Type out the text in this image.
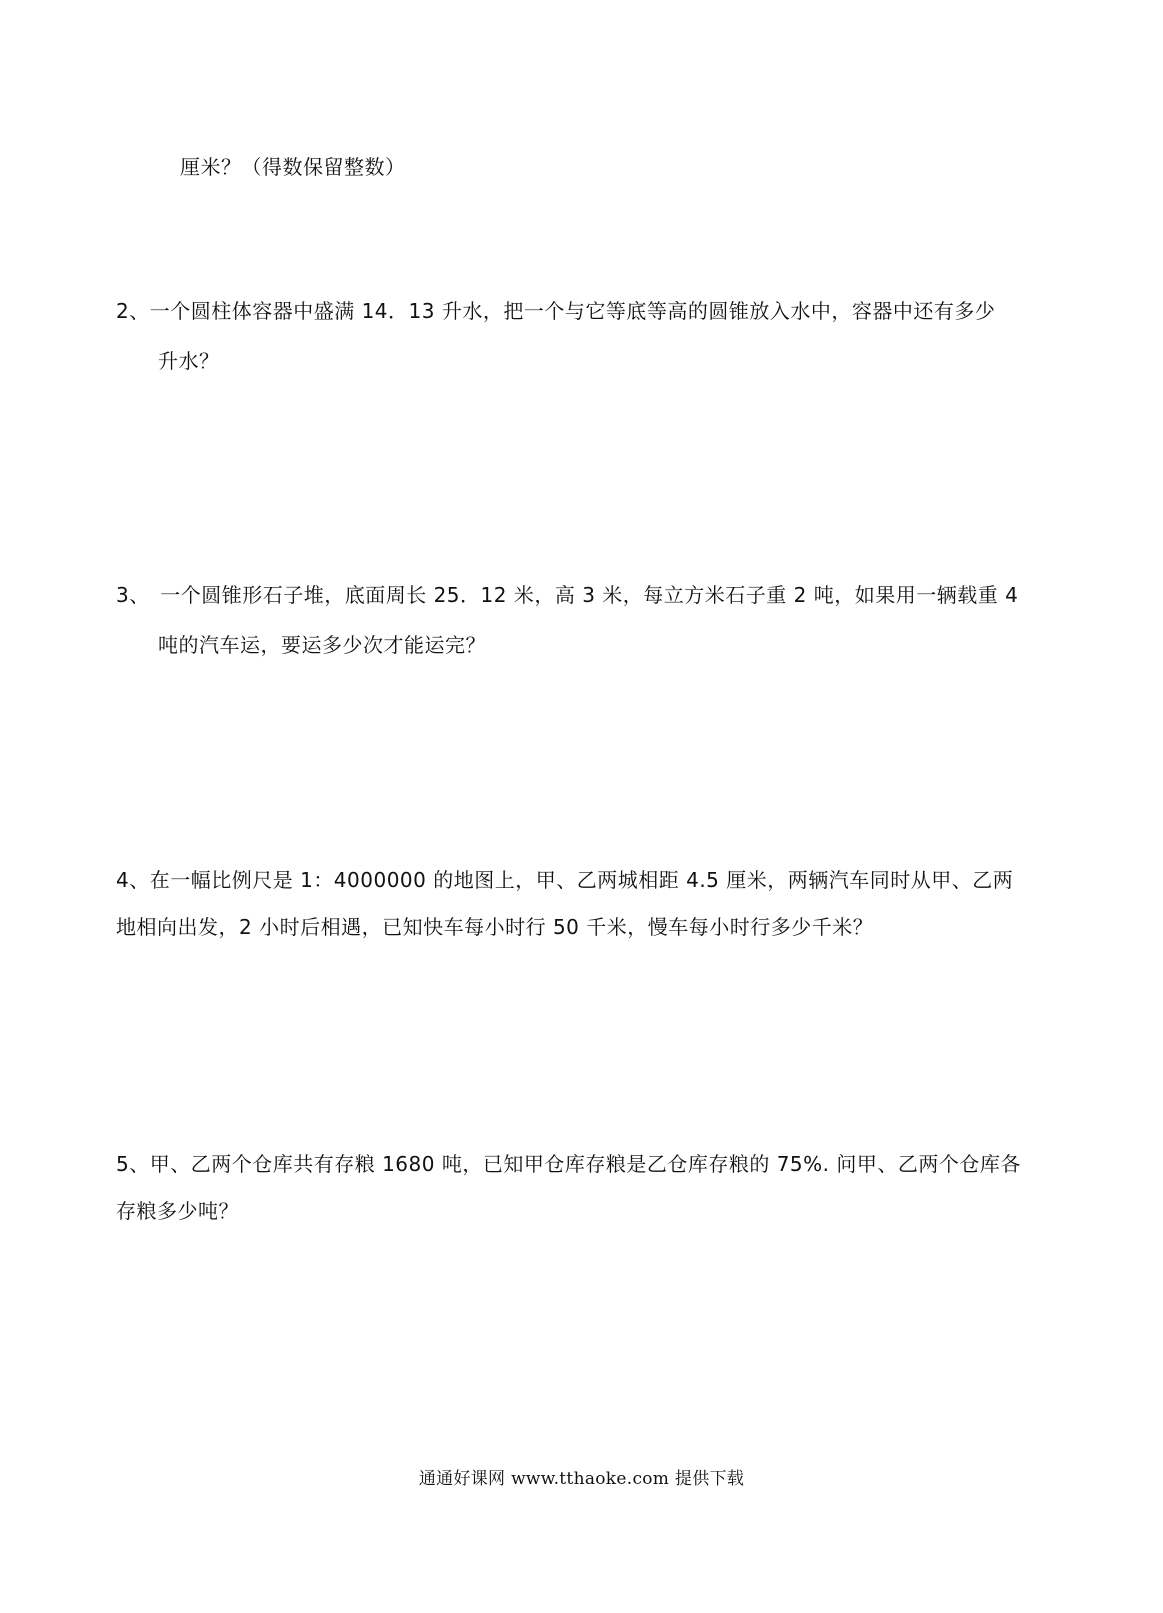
厘米？（得数保留整数）
2、一个圆柱体容器中盛满 14．13 升水，把一个与它等底等高的圆锥放入水中，容器中还有多少
升水？
3、　一个圆锥形石子堆，底面周长 25．12 米，高 3 米，每立方米石子重 2 吨，如果用一辆载重 4
吨的汽车运，要运多少次才能运完？
4、在一幅比例尺是 1：4000000 的地图上，甲、乙两城相距 4.5 厘米，两辆汽车同时从甲、乙两
地相向出发，2 小时后相遇，已知快车每小时行 50 千米，慢车每小时行多少千米？
5、甲、乙两个仓库共有存粮 1680 吨，已知甲仓库存粮是乙仓库存粮的 75%. 问甲、乙两个仓库各
存粮多少吨？
通通好课网 www.tthaoke.com 提供下载
